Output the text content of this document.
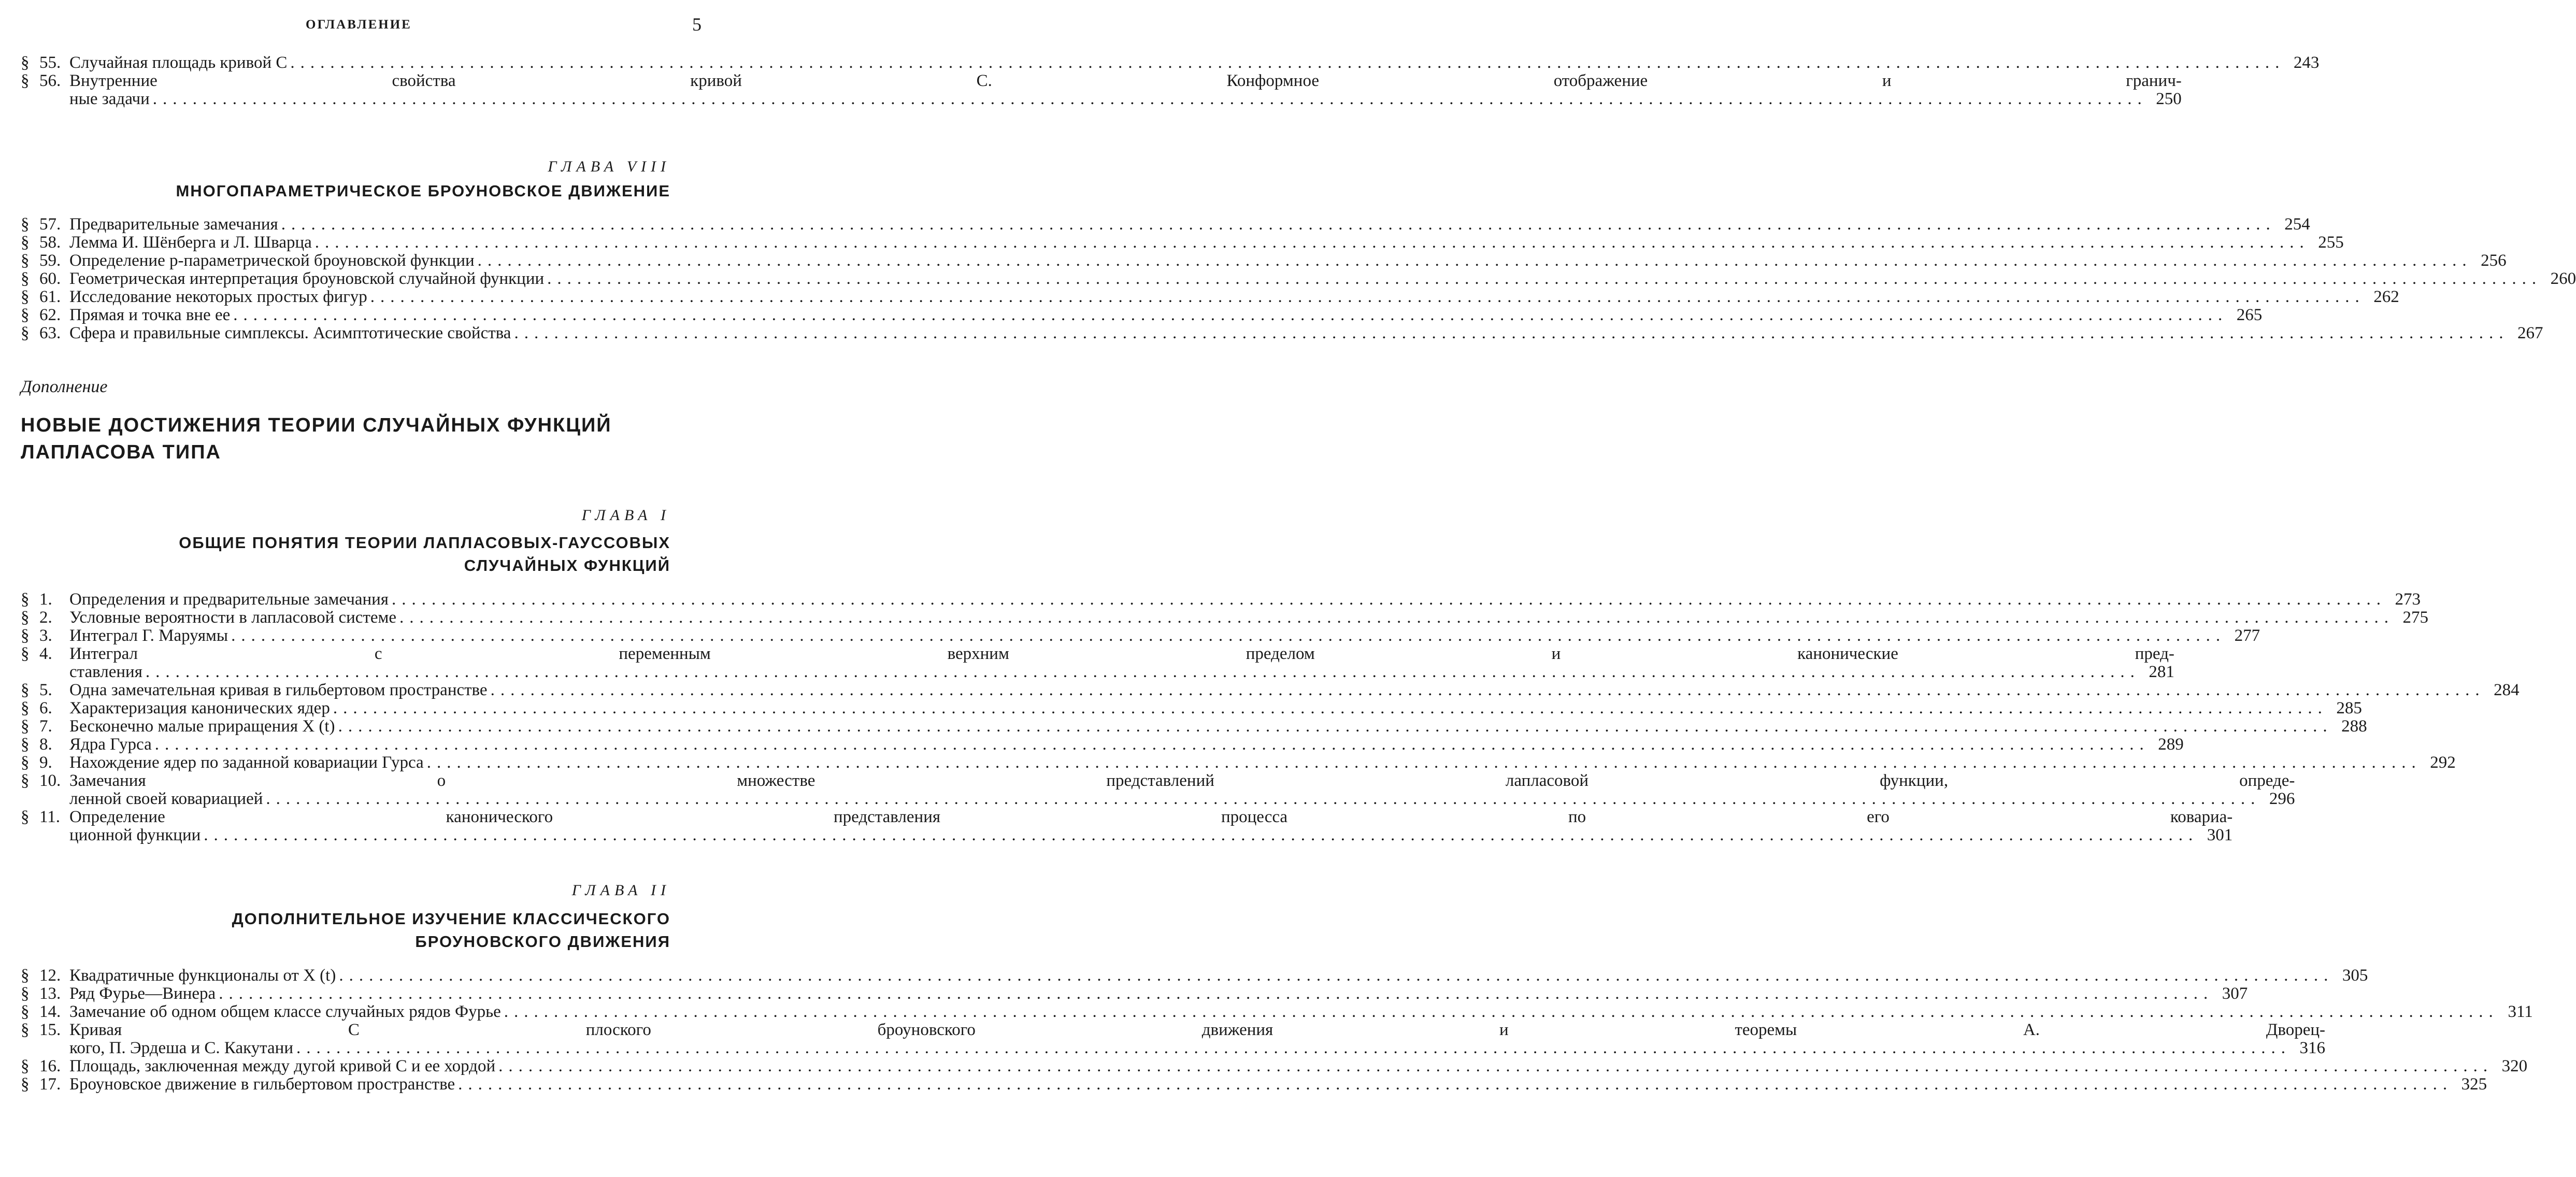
ОГЛАВЛЕНИЕ	5
§ 55. Случайная площадь кривой C ........................................................................................................................................................................................................ 243
§ 56. Внутренние свойства кривой C. Конформное отображение и гранич-
ные задачи ........................................................................................................................................................................................................ 250
ГЛАВА VIII
МНОГОПАРАМЕТРИЧЕСКОЕ БРОУНОВСКОЕ ДВИЖЕНИЕ
§ 57. Предварительные замечания ........................................................................................................................................................................................................ 254
§ 58. Лемма И. Шёнберга и Л. Шварца ........................................................................................................................................................................................................ 255
§ 59. Определение p-параметрической броуновской функции ........................................................................................................................................................................................................ 256
§ 60. Геометрическая интерпретация броуновской случайной функции ........................................................................................................................................................................................................ 260
§ 61. Исследование некоторых простых фигур ........................................................................................................................................................................................................ 262
§ 62. Прямая и точка вне ее ........................................................................................................................................................................................................ 265
§ 63. Сфера и правильные симплексы. Асимптотические свойства ........................................................................................................................................................................................................ 267
Дополнение
НОВЫЕ ДОСТИЖЕНИЯ ТЕОРИИ СЛУЧАЙНЫХ ФУНКЦИЙ
ЛАПЛАСОВА ТИПА
ГЛАВА I
ОБЩИЕ ПОНЯТИЯ ТЕОРИИ ЛАПЛАСОВЫХ-ГАУССОВЫХ
СЛУЧАЙНЫХ ФУНКЦИЙ
§ 1.	Определения и предварительные замечания ........................................................................................................................................................................................................ 273
§ 2.	Условные вероятности в лапласовой системе ........................................................................................................................................................................................................ 275
§ 3.	Интеграл Г. Маруямы ........................................................................................................................................................................................................ 277
§ 4.	Интеграл с переменным верхним пределом и канонические пред-
ставления ........................................................................................................................................................................................................ 281
§ 5.	Одна замечательная кривая в гильбертовом пространстве ........................................................................................................................................................................................................ 284
§ 6.	Характеризация канонических ядер ........................................................................................................................................................................................................ 285
§ 7.	Бесконечно малые приращения X (t) ........................................................................................................................................................................................................ 288
§ 8.	Ядра Гурса ........................................................................................................................................................................................................ 289
§ 9.	Нахождение ядер по заданной ковариации Гурса ........................................................................................................................................................................................................ 292
§ 10. Замечания о множестве представлений лапласовой функции, опреде-
ленной своей ковариацией ........................................................................................................................................................................................................ 296
§ 11. Определение канонического представления процесса по его ковариа-
ционной функции ........................................................................................................................................................................................................ 301
ГЛАВА II
ДОПОЛНИТЕЛЬНОЕ ИЗУЧЕНИЕ КЛАССИЧЕСКОГО
БРОУНОВСКОГО ДВИЖЕНИЯ
§ 12. Квадратичные функционалы от X (t) ........................................................................................................................................................................................................ 305
§ 13. Ряд Фурье—Винера ........................................................................................................................................................................................................ 307
§ 14. Замечание об одном общем классе случайных рядов Фурье ........................................................................................................................................................................................................ 311
§ 15. Кривая C плоского броуновского движения и теоремы А. Дворец-
кого, П. Эрдеша и С. Какутани ........................................................................................................................................................................................................ 316
§ 16. Площадь, заключенная между дугой кривой C и ее хордой ........................................................................................................................................................................................................ 320
§ 17. Броуновское движение в гильбертовом пространстве ........................................................................................................................................................................................................ 325
